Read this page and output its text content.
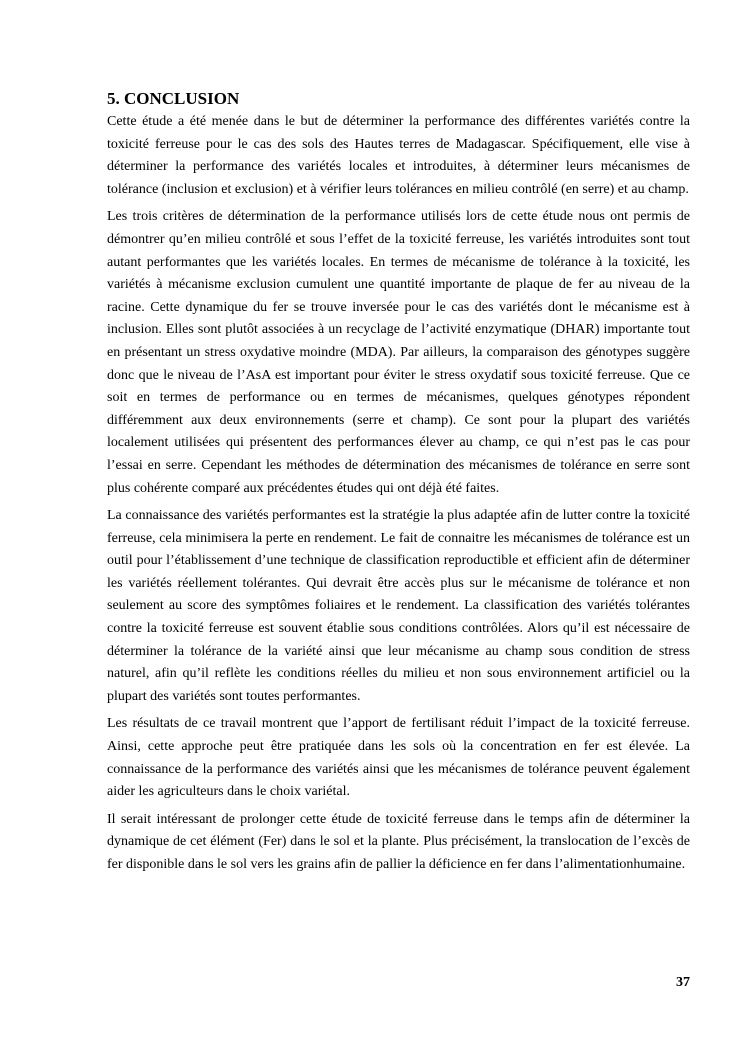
5. CONCLUSION

Cette étude a été menée dans le but de déterminer la performance des différentes variétés contre la toxicité ferreuse pour le cas des sols des Hautes terres de Madagascar. Spécifiquement, elle vise à déterminer la performance des variétés locales et introduites, à déterminer leurs mécanismes de tolérance (inclusion et exclusion) et à vérifier leurs tolérances en milieu contrôlé (en serre) et au champ.

Les trois critères de détermination de la performance utilisés lors de cette étude nous ont permis de démontrer qu’en milieu contrôlé et sous l’effet de la toxicité ferreuse, les variétés introduites sont tout autant performantes que les variétés locales. En termes de mécanisme de tolérance à la toxicité, les variétés à mécanisme exclusion cumulent une quantité importante de plaque de fer au niveau de la racine. Cette dynamique du fer se trouve inversée pour le cas des variétés dont le mécanisme est à inclusion. Elles sont plutôt associées à un recyclage de l’activité enzymatique (DHAR) importante tout en présentant un stress oxydative moindre (MDA). Par ailleurs, la comparaison des génotypes suggère donc que le niveau de l’AsA est important pour éviter le stress oxydatif sous toxicité ferreuse. Que ce soit en termes de performance ou en termes de mécanismes, quelques génotypes répondent différemment aux deux environnements (serre et champ). Ce sont pour la plupart des variétés localement utilisées qui présentent des performances élever au champ, ce qui n’est pas le cas pour l’essai en serre. Cependant les méthodes de détermination des mécanismes de tolérance en serre sont plus cohérente comparé aux précédentes études qui ont déjà été faites.

La connaissance des variétés performantes est la stratégie la plus adaptée afin de lutter contre la toxicité ferreuse, cela minimisera la perte en rendement. Le fait de connaitre les mécanismes de tolérance est un outil pour l’établissement d’une technique de classification reproductible et efficient afin de déterminer les variétés réellement tolérantes. Qui devrait être accès plus sur le mécanisme de tolérance et non seulement au score des symptômes foliaires et le rendement. La classification des variétés tolérantes contre la toxicité ferreuse est souvent établie sous conditions contrôlées. Alors qu’il est nécessaire de déterminer la tolérance de la variété ainsi que leur mécanisme au champ sous condition de stress naturel, afin qu’il reflète les conditions réelles du milieu et non sous environnement artificiel ou la plupart des variétés sont toutes performantes.

Les résultats de ce travail montrent que l’apport de fertilisant réduit l’impact de la toxicité ferreuse. Ainsi, cette approche peut être pratiquée dans les sols où la concentration en fer est élevée. La connaissance de la performance des variétés ainsi que les mécanismes de tolérance peuvent également aider les agriculteurs dans le choix variétal.

Il serait intéressant de prolonger cette étude de toxicité ferreuse dans le temps afin de déterminer la dynamique de cet élément (Fer) dans le sol et la plante. Plus précisément, la translocation de l’excès de fer disponible dans le sol vers les grains afin de pallier la déficience en fer dans l’alimentationhumaine.

37
